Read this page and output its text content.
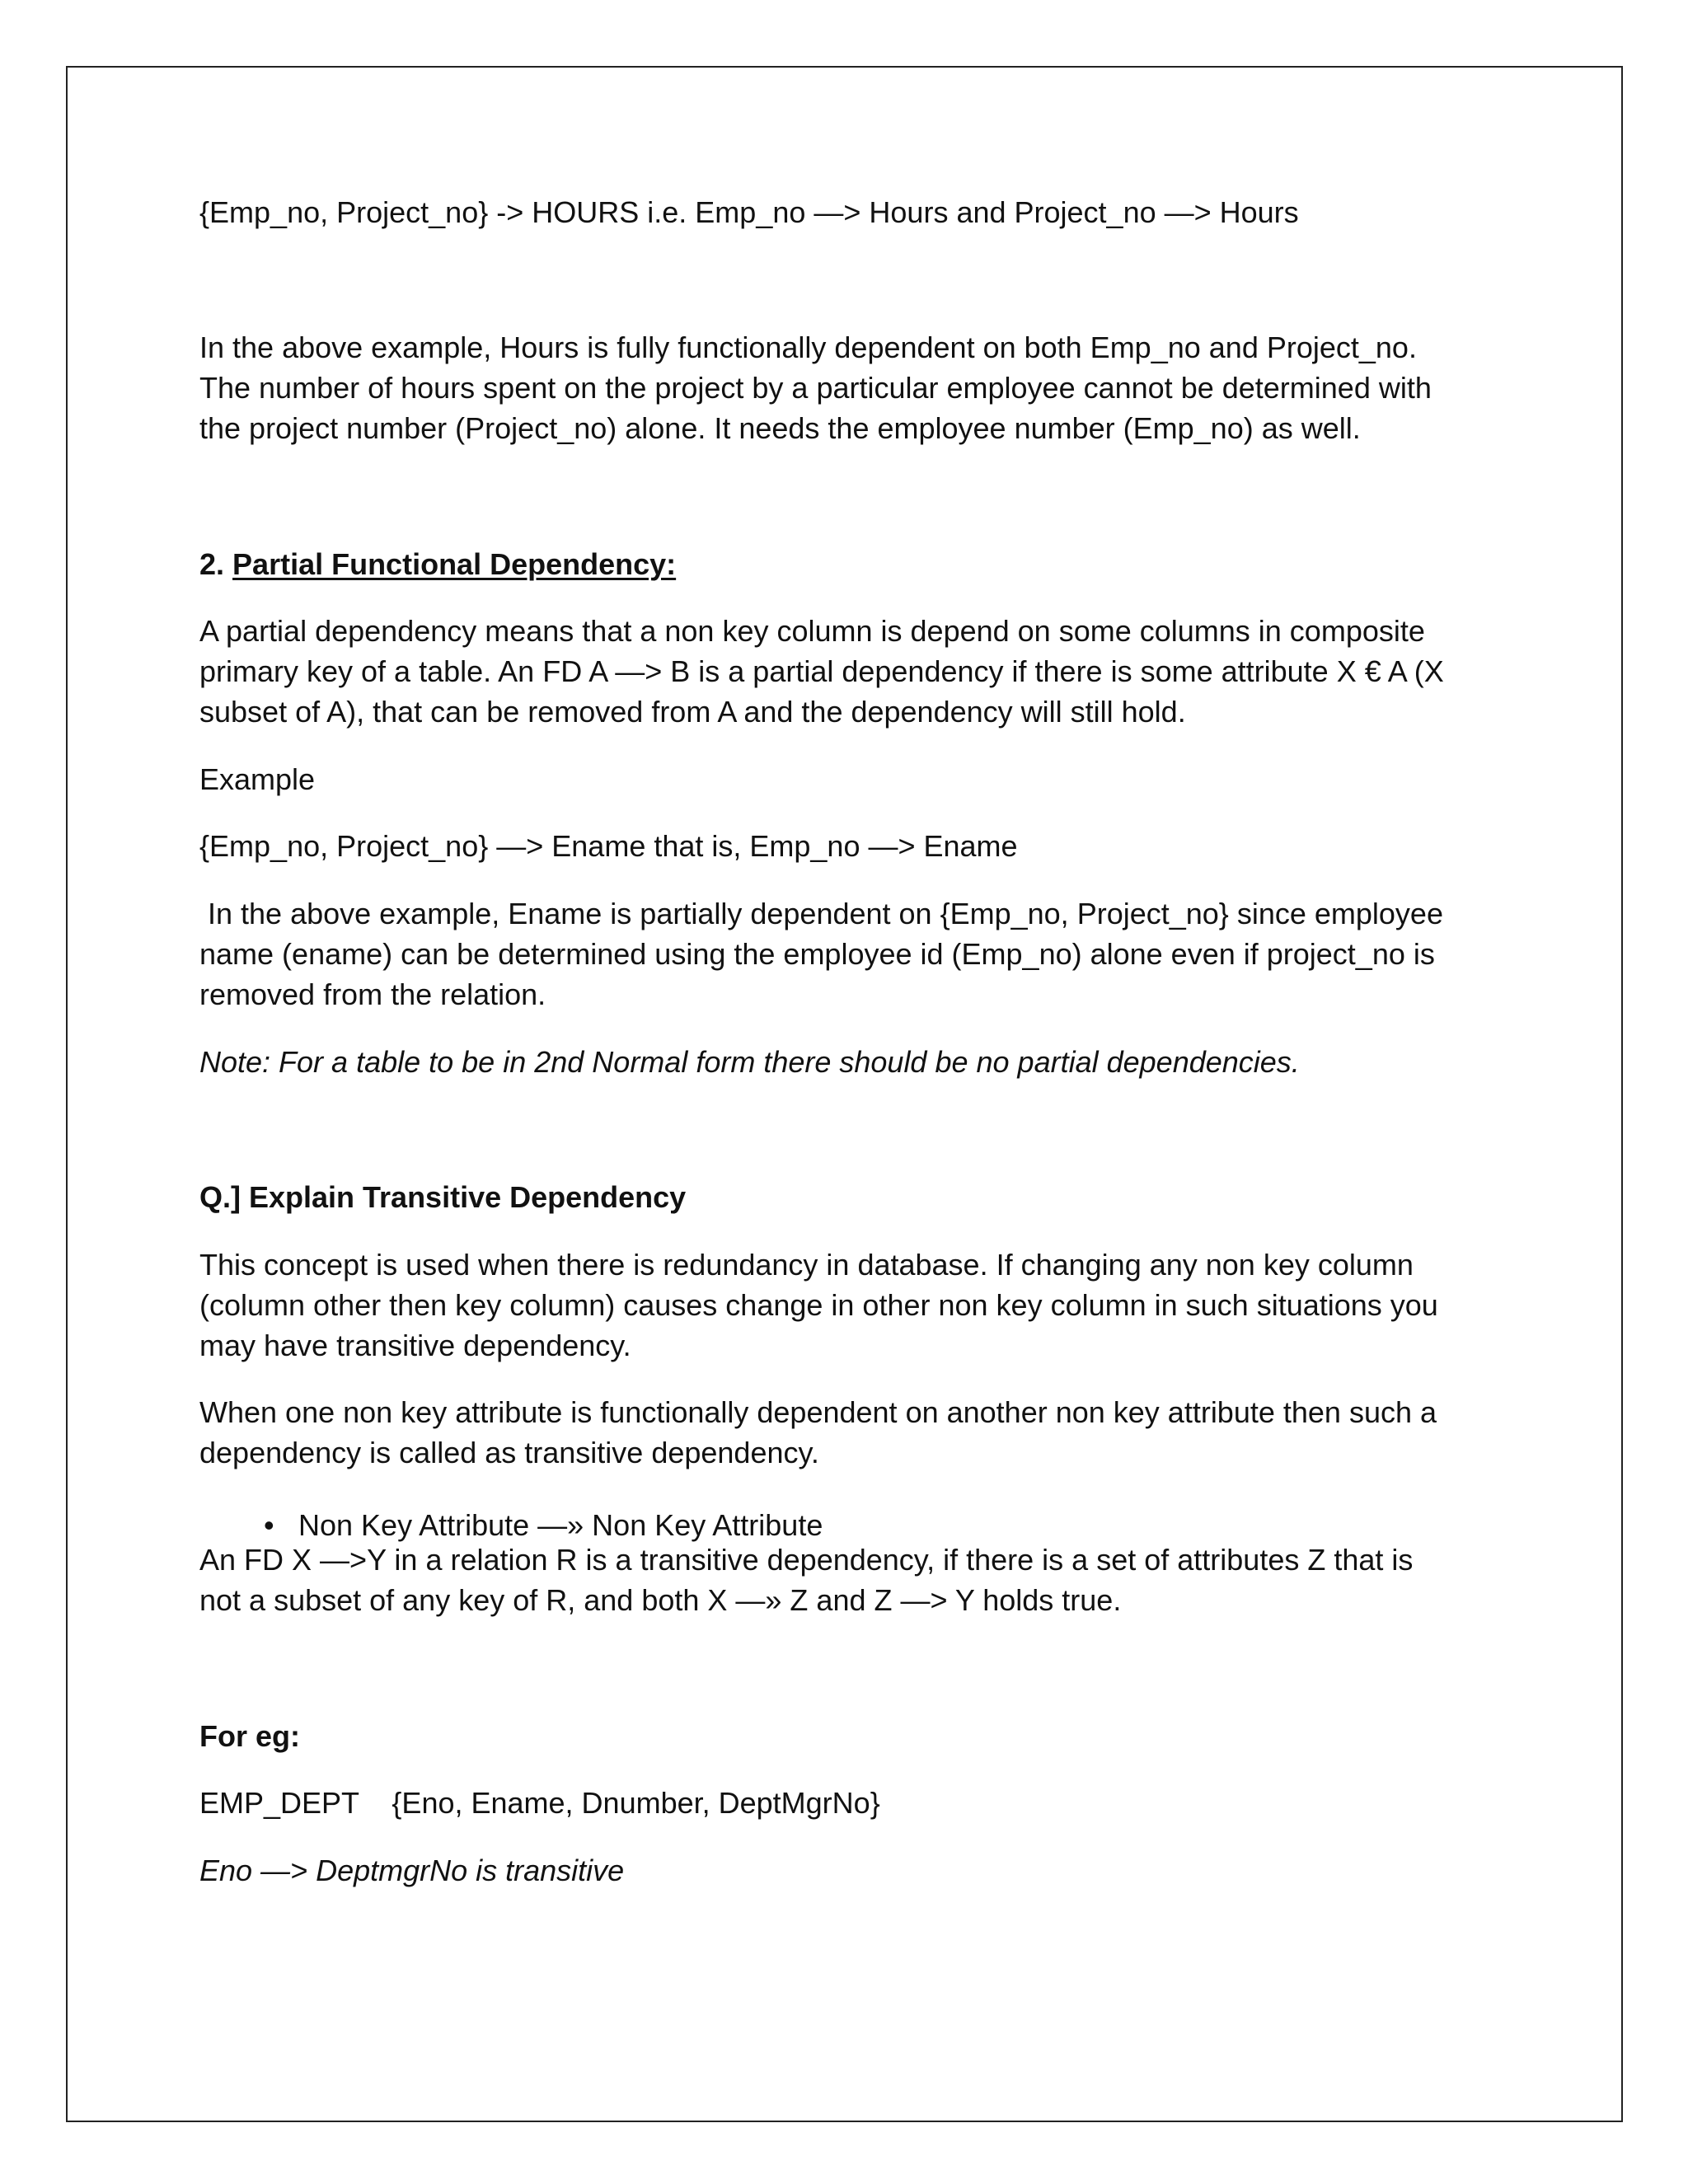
{Emp_no, Project_no} -> HOURS i.e. Emp_no —> Hours and Project_no —> Hours

In the above example, Hours is fully functionally dependent on both Emp_no and Project_no.

The number of hours spent on the project by a particular employee cannot be determined with

the project number (Project_no) alone. It needs the employee number (Emp_no) as well.

2. Partial Functional Dependency:

A partial dependency means that a non key column is depend on some columns in composite

primary key of a table. An FD A —> B is a partial dependency if there is some attribute X € A (X

subset of A), that can be removed from A and the dependency will still hold.

Example

{Emp_no, Project_no} —> Ename that is, Emp_no —> Ename

In the above example, Ename is partially dependent on {Emp_no, Project_no} since employee

name (ename) can be determined using the employee id (Emp_no) alone even if project_no is

removed from the relation.

Note: For a table to be in 2nd Normal form there should be no partial dependencies.

Q.] Explain Transitive Dependency

This concept is used when there is redundancy in database. If changing any non key column

(column other then key column) causes change in other non key column in such situations you

may have transitive dependency.

When one non key attribute is functionally dependent on another non key attribute then such a

dependency is called as transitive dependency.

• Non Key Attribute —» Non Key Attribute

An FD X —>Y in a relation R is a transitive dependency, if there is a set of attributes Z that is

not a subset of any key of R, and both X —» Z and Z —> Y holds true.

For eg:

EMP_DEPT    {Eno, Ename, Dnumber, DeptMgrNo}

Eno —> DeptmgrNo is transitive
